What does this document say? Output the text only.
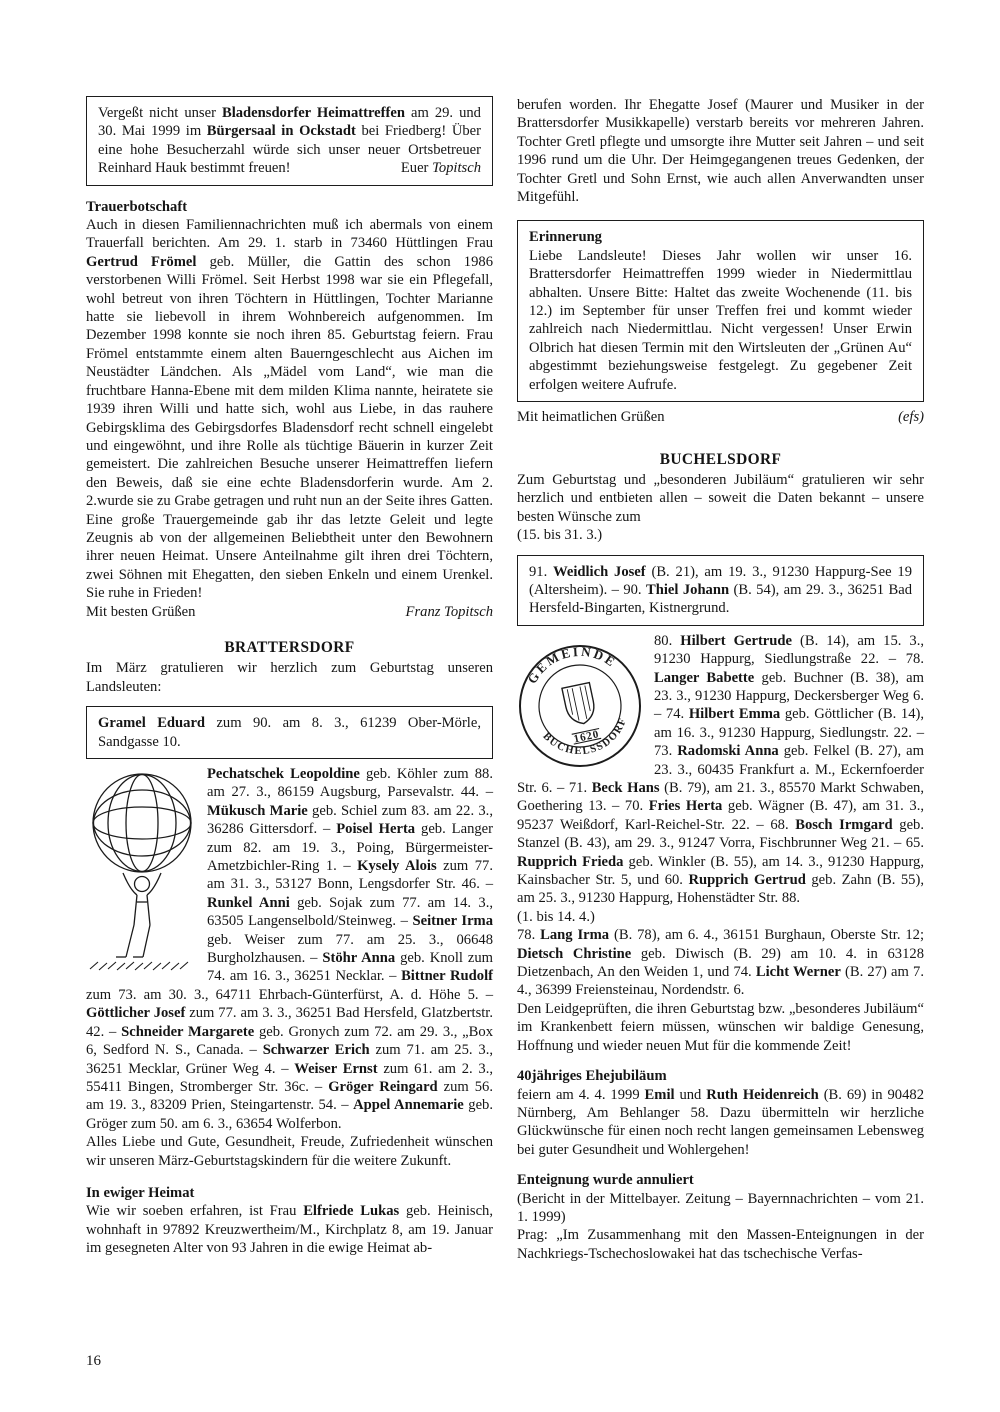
Vergeßt nicht unser Bladensdorfer Heimattreffen am 29. und 30. Mai 1999 im Bürgersaal in Ockstadt bei Friedberg! Über eine hohe Besucherzahl würde sich unser neuer Ortsbetreuer Reinhard Hauk bestimmt freuen!	Euer Topitsch

Trauerbotschaft

Auch in diesen Familiennachrichten muß ich abermals von einem Trauerfall berichten. Am 29. 1. starb in 73460 Hüttlingen Frau Gertrud Frömel geb. Müller, die Gattin des schon 1986 verstorbenen Willi Frömel. Seit Herbst 1998 war sie ein Pflegefall, wohl betreut von ihren Töchtern in Hüttlingen, Tochter Marianne hatte sie liebevoll in ihrem Wohnbereich aufgenommen. Im Dezember 1998 konnte sie noch ihren 85. Geburtstag feiern. Frau Frömel entstammte einem alten Bauerngeschlecht aus Aichen im Neustädter Ländchen. Als „Mädel vom Land“, wie man die fruchtbare Hanna-Ebene mit dem milden Klima nannte, heiratete sie 1939 ihren Willi und hatte sich, wohl aus Liebe, in das rauhere Gebirgsklima des Gebirgsdorfes Bladensdorf recht schnell eingelebt und eingewöhnt, und ihre Rolle als tüchtige Bäuerin in kurzer Zeit gemeistert. Die zahlreichen Besuche unserer Heimattreffen liefern den Beweis, daß sie eine echte Bladensdorferin wurde. Am 2. 2.wurde sie zu Grabe getragen und ruht nun an der Seite ihres Gatten. Eine große Trauergemeinde gab ihr das letzte Geleit und legte Zeugnis ab von der allgemeinen Beliebtheit unter den Bewohnern ihrer neuen Heimat. Unsere Anteilnahme gilt ihren drei Töchtern, zwei Söhnen mit Ehegatten, den sieben Enkeln und einem Urenkel. Sie ruhe in Frieden!

Mit besten Grüßen	Franz Topitsch
BRATTERSDORF

Im März gratulieren wir herzlich zum Geburtstag unseren Landsleuten:

Gramel Eduard zum 90. am 8. 3., 61239 Ober-Mörle, Sandgasse 10.

Pechatschek Leopoldine geb. Köhler zum 88. am 27. 3., 86159 Augsburg, Parsevalstr. 44. – Mükusch Marie geb. Schiel zum 83. am 22. 3., 36286 Gittersdorf. – Poisel Herta geb. Langer zum 82. am 19. 3., Poing, Bürgermeister-Ametzbichler-Ring 1. – Kysely Alois zum 77. am 31. 3., 53127 Bonn, Lengsdorfer Str. 46. – Runkel Anni geb. Sojak zum 77. am 14. 3., 63505 Langenselbold/Steinweg. – Seitner Irma geb. Weiser zum 77. am 25. 3., 06648 Burgholzhausen. – Stöhr Anna geb. Knoll zum 74. am 16. 3., 36251 Necklar. – Bittner Rudolf zum 73. am 30. 3., 64711 Ehrbach-Günterfürst, A. d. Höhe 5. – Göttlicher Josef zum 77. am 3. 3., 36251 Bad Hersfeld, Glatzbertstr. 42. – Schneider Margarete geb. Gronych zum 72. am 29. 3., „Box 6, Sedford N. S., Canada. – Schwarzer Erich zum 71. am 25. 3., 36251 Mecklar, Grüner Weg 4. – Weiser Ernst zum 61. am 2. 3., 55411 Bingen, Stromberger Str. 36c. – Gröger Reingard zum 56. am 19. 3., 83209 Prien, Steingartenstr. 54. – Appel Annemarie geb. Gröger zum 50. am 6. 3., 63654 Wolferbon.

Alles Liebe und Gute, Gesundheit, Freude, Zufriedenheit wünschen wir unseren März-Geburtstagskindern für die weitere Zukunft.

In ewiger Heimat

Wie wir soeben erfahren, ist Frau Elfriede Lukas geb. Heinisch, wohnhaft in 97892 Kreuzwertheim/M., Kirchplatz 8, am 19. Januar im gesegneten Alter von 93 Jahren in die ewige Heimat ab-

berufen worden. Ihr Ehegatte Josef (Maurer und Musiker in der Brattersdorfer Musikkapelle) verstarb bereits vor mehreren Jahren. Tochter Gretl pflegte und umsorgte ihre Mutter seit Jahren – und seit 1996 rund um die Uhr. Der Heimgegangenen treues Gedenken, der Tochter Gretl und Sohn Ernst, wie auch allen Anverwandten unser Mitgefühl.

Erinnerung

Liebe Landsleute! Dieses Jahr wollen wir unser 16. Brattersdorfer Heimattreffen 1999 wieder in Niedermittlau abhalten. Unsere Bitte: Haltet das zweite Wochenende (11. bis 12.) im September für unser Treffen frei und kommt wieder zahlreich nach Niedermittlau. Nicht vergessen! Unser Erwin Olbrich hat diesen Termin mit den Wirtsleuten der „Grünen Au“ abgestimmt beziehungsweise festgelegt. Zu gegebener Zeit erfolgen weitere Aufrufe.

Mit heimatlichen Grüßen	(efs)
BUCHELSDORF

Zum Geburtstag und „besonderen Jubiläum“ gratulieren wir sehr herzlich und entbieten allen – soweit die Daten bekannt – unsere besten Wünsche zum

(15. bis 31. 3.)

91. Weidlich Josef (B. 21), am 19. 3., 91230 Happurg-See 19 (Altersheim). – 90. Thiel Johann (B. 54), am 29. 3., 36251 Bad Hersfeld-Bingarten, Kistnergrund.

GEMEINDE
BUCHELSSDORF
1620

80. Hilbert Gertrude (B. 14), am 15. 3., 91230 Happurg, Siedlungstraße 22. – 78. Langer Babette geb. Buchner (B. 38), am 23. 3., 91230 Happurg, Deckersberger Weg 6. – 74. Hilbert Emma geb. Göttlicher (B. 14), am 16. 3., 91230 Happurg, Siedlungstr. 22. – 73. Radomski Anna geb. Felkel (B. 27), am 23. 3., 60435 Frankfurt a. M., Eckernfoerder Str. 6. – 71. Beck Hans (B. 79), am 21. 3., 85570 Markt Schwaben, Goethering 13. – 70. Fries Herta geb. Wägner (B. 47), am 31. 3., 95237 Weißdorf, Karl-Reichel-Str. 22. – 68. Bosch Irmgard geb. Stanzel (B. 43), am 29. 3., 91247 Vorra, Fischbrunner Weg 21. – 65. Rupprich Frieda geb. Winkler (B. 55), am 14. 3., 91230 Happurg, Kainsbacher Str. 5, und 60. Rupprich Gertrud geb. Zahn (B. 55), am 25. 3., 91230 Happurg, Hohenstädter Str. 88.

(1. bis 14. 4.)

78. Lang Irma (B. 78), am 6. 4., 36151 Burghaun, Oberste Str. 12; Dietsch Christine geb. Diwisch (B. 29) am 10. 4. in 63128 Dietzenbach, An den Weiden 1, und 74. Licht Werner (B. 27) am 7. 4., 36399 Freiensteinau, Nordendstr. 6.

Den Leidgeprüften, die ihren Geburtstag bzw. „besonderes Jubiläum“ im Krankenbett feiern müssen, wünschen wir baldige Genesung, Hoffnung und wieder neuen Mut für die kommende Zeit!

40jähriges Ehejubiläum

feiern am 4. 4. 1999 Emil und Ruth Heidenreich (B. 69) in 90482 Nürnberg, Am Behlanger 58. Dazu übermitteln wir herzliche Glückwünsche für einen noch recht langen gemeinsamen Lebensweg bei guter Gesundheit und Wohlergehen!

Enteignung wurde annuliert

(Bericht in der Mittelbayer. Zeitung – Bayernnachrichten – vom 21. 1. 1999)

Prag: „Im Zusammenhang mit den Massen-Enteignungen in der Nachkriegs-Tschechoslowakei hat das tschechische Verfas-

16
